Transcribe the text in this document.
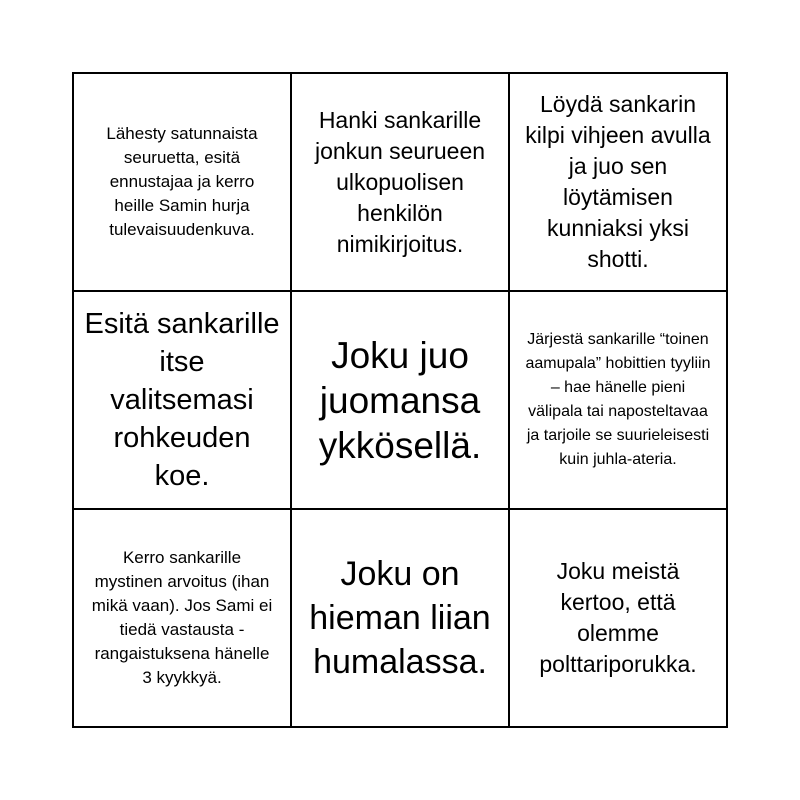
Lähesty satunnaista seuruetta, esitä ennustajaa ja kerro heille Samin hurja tulevaisuudenkuva.
Hanki sankarille jonkun seurueen ulkopuolisen henkilön nimikirjoitus.
Löydä sankarin kilpi vihjeen avulla ja juo sen löytämisen kunniaksi yksi shotti.
Esitä sankarille itse valitsemasi rohkeuden koe.
Joku juo juomansa ykkösellä.
Järjestä sankarille “toinen aamupala” hobittien tyyliin – hae hänelle pieni välipala tai naposteltavaa ja tarjoile se suurieleisesti kuin juhla-ateria.
Kerro sankarille mystinen arvoitus (ihan mikä vaan). Jos Sami ei tiedä vastausta - rangaistuksena hänelle 3 kyykkyä.
Joku on hieman liian humalassa.
Joku meistä kertoo, että olemme polttariporukka.
